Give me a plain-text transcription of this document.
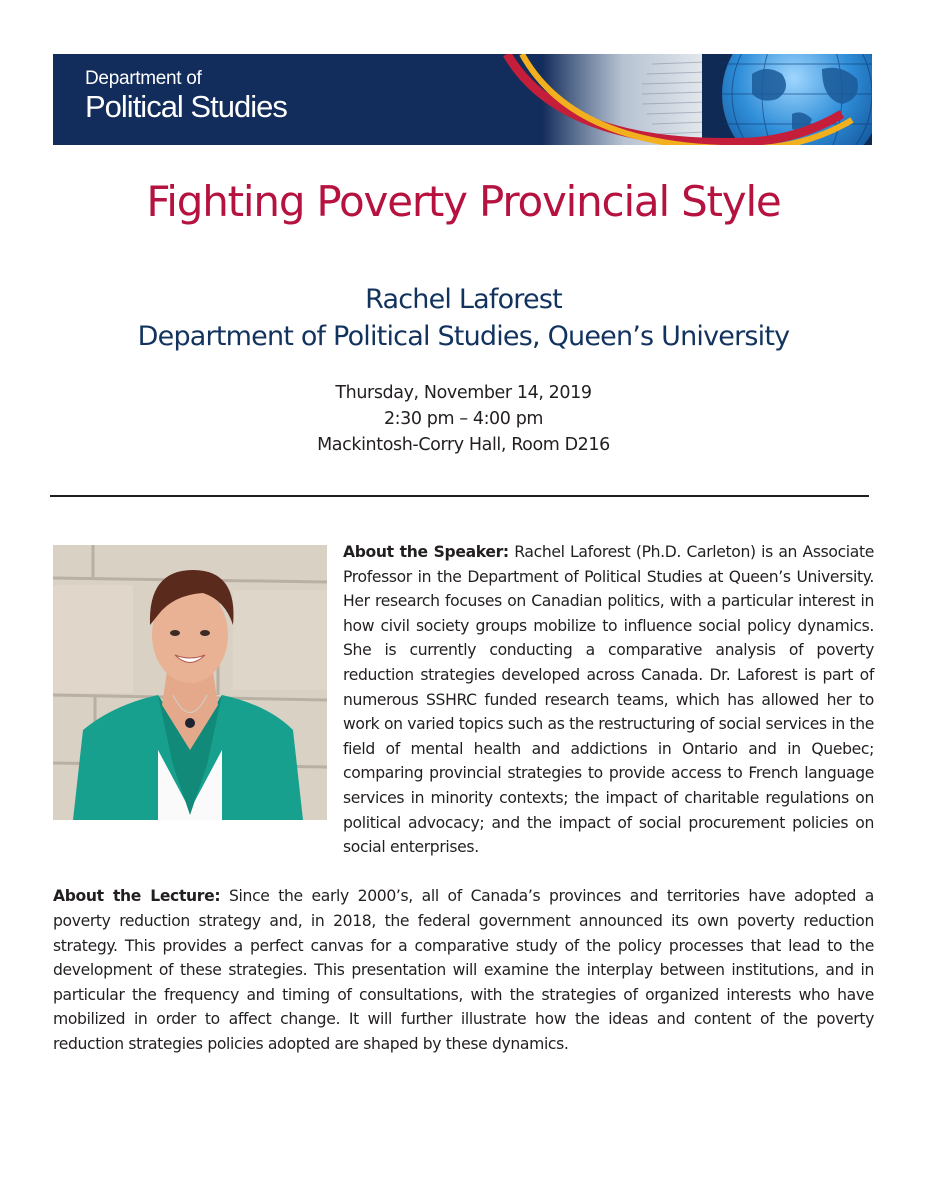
Department of
Political Studies
Fighting Poverty Provincial Style
Rachel Laforest
Department of Political Studies, Queen’s University
Thursday, November 14, 2019
2:30 pm – 4:00 pm
Mackintosh-Corry Hall, Room D216

About the Speaker: Rachel Laforest (Ph.D. Carleton) is an Associate Professor in the Department of Political Studies at Queen’s University. Her research focuses on Canadian politics, with a particular interest in how civil society groups mobilize to influence social policy dynamics. She is currently conducting a comparative analysis of poverty reduction strategies developed across Canada. Dr. Laforest is part of numerous SSHRC funded research teams, which has allowed her to work on varied topics such as the restructuring of social services in the field of mental health and addictions in Ontario and in Quebec; comparing provincial strategies to provide access to French language services in minority contexts; the impact of charitable regulations on political advocacy; and the impact of social procurement policies on social enterprises.

About the Lecture: Since the early 2000’s, all of Canada’s provinces and territories have adopted a poverty reduction strategy and, in 2018, the federal government announced its own poverty reduction strategy. This provides a perfect canvas for a comparative study of the policy processes that lead to the development of these strategies. This presentation will examine the interplay between institutions, and in particular the frequency and timing of consultations, with the strategies of organized interests who have mobilized in order to affect change. It will further illustrate how the ideas and content of the poverty reduction strategies policies adopted are shaped by these dynamics.
